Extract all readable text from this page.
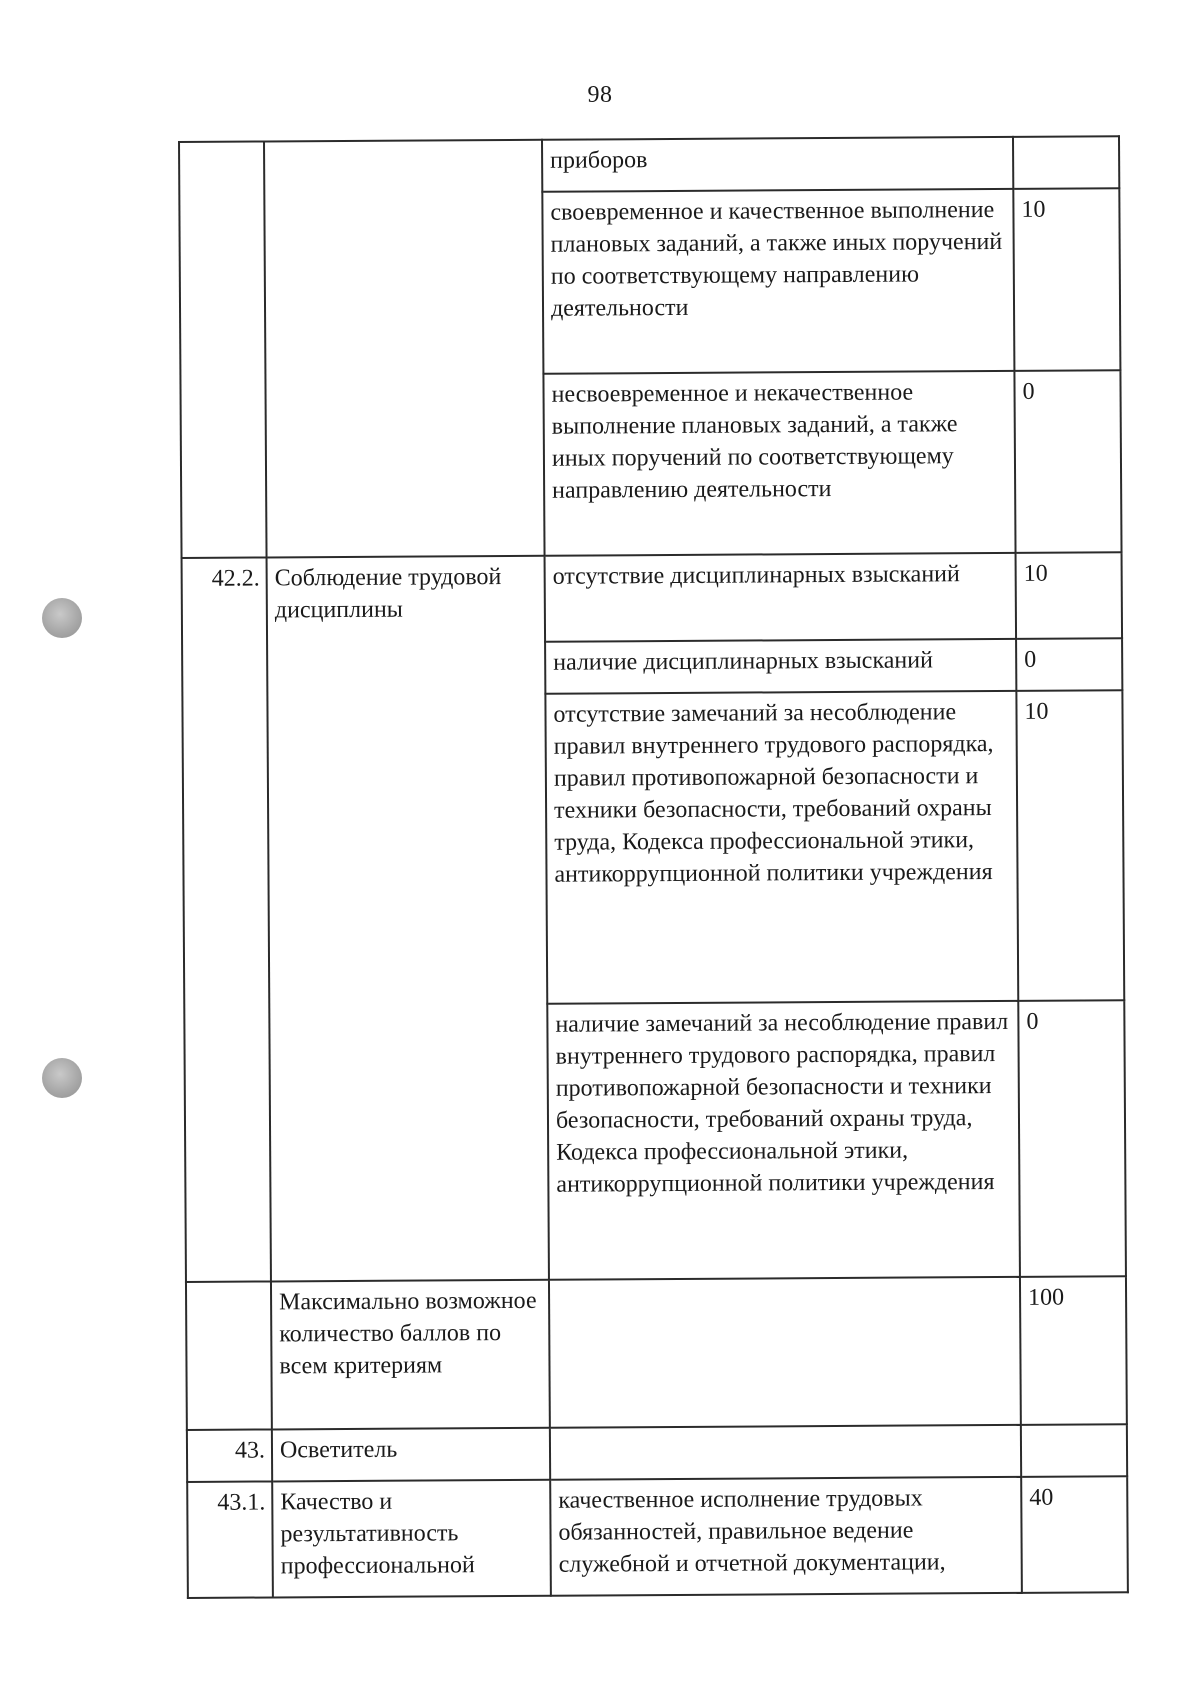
98
		приборов	
		своевременное и качественное выполнение плановых заданий, а также иных поручений по соответствующему направлению деятельности	10
		несвоевременное и некачественное выполнение плановых заданий, а также иных поручений по соответствующему направлению деятельности	0
42.2.	Соблюдение трудовой дисциплины	отсутствие дисциплинарных взысканий	10
		наличие дисциплинарных взысканий	0
		отсутствие замечаний за несоблюдение правил внутреннего трудового распорядка, правил противопожарной безопасности и техники безопасности, требований охраны труда, Кодекса профессиональной этики, антикоррупционной политики учреждения	10
		наличие замечаний за несоблюдение правил внутреннего трудового распорядка, правил противопожарной безопасности и техники безопасности, требований охраны труда, Кодекса профессиональной этики, антикоррупционной политики учреждения	0
	Максимально возможное количество баллов по всем критериям		100
43.	Осветитель		
43.1.	Качество и результативность профессиональной	качественное исполнение трудовых обязанностей, правильное ведение служебной и отчетной документации,	40
